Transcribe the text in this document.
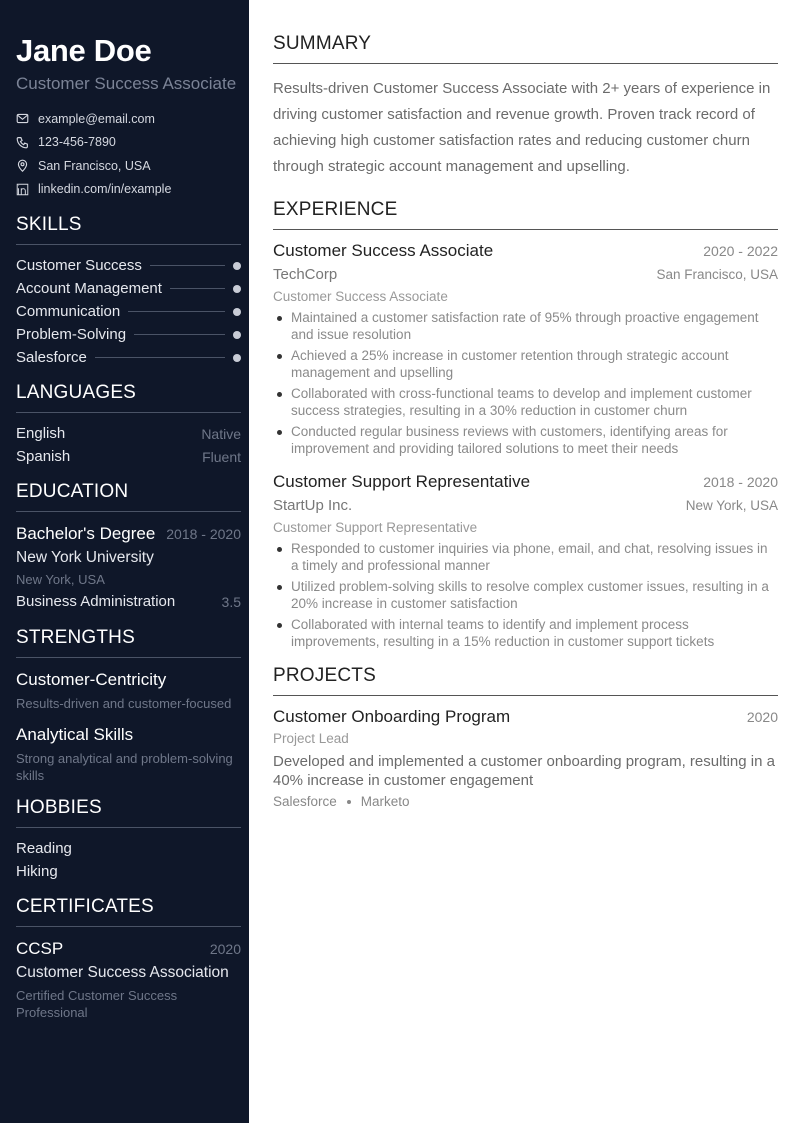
Jane Doe
Customer Success Associate
example@email.com
123-456-7890
San Francisco, USA
linkedin.com/in/example
SKILLS
Customer Success
Account Management
Communication
Problem-Solving
Salesforce
LANGUAGES
English	Native
Spanish	Fluent
EDUCATION
Bachelor's Degree 2018 - 2020
New York University
New York, USA
Business Administration	3.5
STRENGTHS
Customer-Centricity
Results-driven and customer-focused
Analytical Skills
Strong analytical and problem-solving skills
HOBBIES
Reading
Hiking
CERTIFICATES
CCSP	2020
Customer Success Association
Certified Customer Success Professional
SUMMARY
Results-driven Customer Success Associate with 2+ years of experience in driving customer satisfaction and revenue growth. Proven track record of achieving high customer satisfaction rates and reducing customer churn through strategic account management and upselling.
EXPERIENCE
Customer Success Associate	2020 - 2022
TechCorp	San Francisco, USA
Customer Success Associate
Maintained a customer satisfaction rate of 95% through proactive engagement and issue resolution
Achieved a 25% increase in customer retention through strategic account management and upselling
Collaborated with cross-functional teams to develop and implement customer success strategies, resulting in a 30% reduction in customer churn
Conducted regular business reviews with customers, identifying areas for improvement and providing tailored solutions to meet their needs
Customer Support Representative	2018 - 2020
StartUp Inc.	New York, USA
Customer Support Representative
Responded to customer inquiries via phone, email, and chat, resolving issues in a timely and professional manner
Utilized problem-solving skills to resolve complex customer issues, resulting in a 20% increase in customer satisfaction
Collaborated with internal teams to identify and implement process improvements, resulting in a 15% reduction in customer support tickets
PROJECTS
Customer Onboarding Program	2020
Project Lead
Developed and implemented a customer onboarding program, resulting in a 40% increase in customer engagement
Salesforce Marketo
